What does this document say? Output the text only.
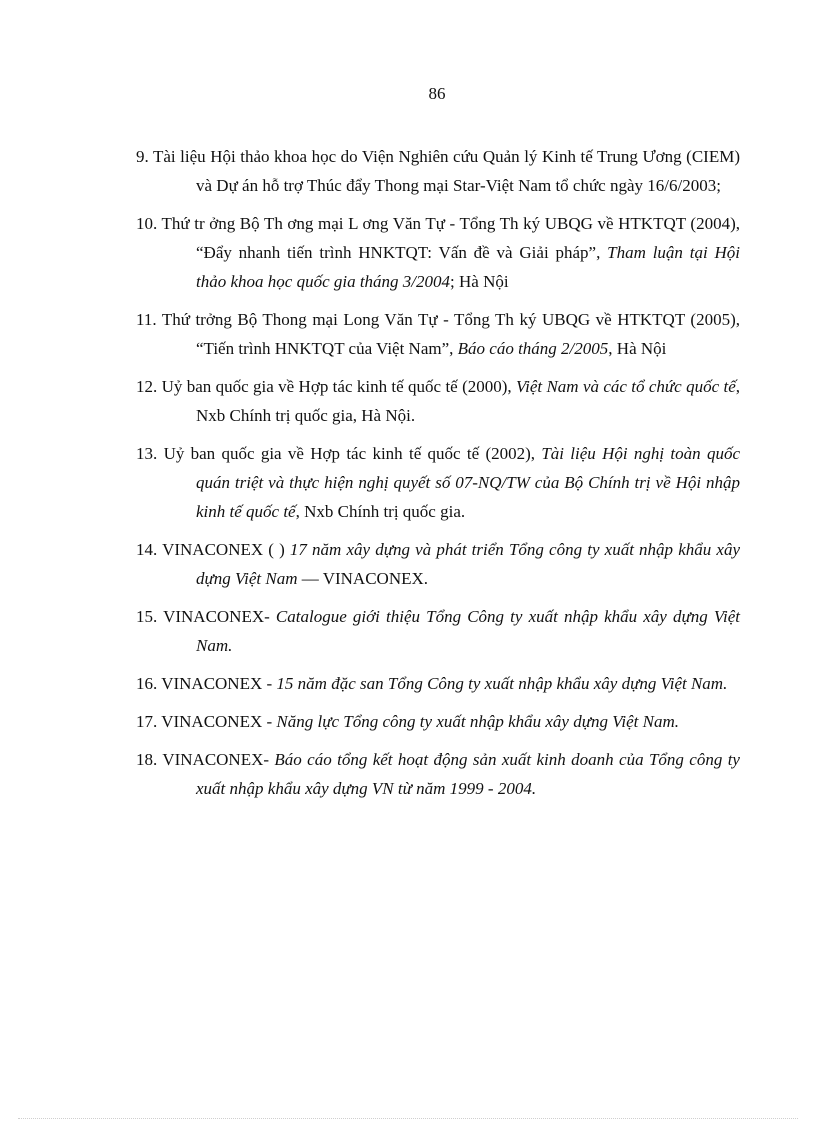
86
9. Tài liệu Hội thảo khoa học do Viện Nghiên cứu Quản lý Kinh tế Trung Ương (CIEM) và Dự án hỗ trợ Thúc đẩy Thong mại Star-Việt Nam tổ chức ngày 16/6/2003;
10. Thứ tr ởng Bộ Th ơng mại L ơng Văn Tự - Tổng Th ký UBQG về HTKTQT (2004), “Đẩy nhanh tiến trình HNKTQT: Vấn đề và Giải pháp”, Tham luận tại Hội thảo khoa học quốc gia tháng 3/2004; Hà Nội
11. Thứ trởng Bộ Thong mại Long Văn Tự - Tổng Th ký UBQG về HTKTQT (2005), “Tiến trình HNKTQT của Việt Nam”, Báo cáo tháng 2/2005, Hà Nội
12. Uỷ ban quốc gia về Hợp tác kinh tế quốc tế (2000), Việt Nam và các tổ chức quốc tế, Nxb Chính trị quốc gia, Hà Nội.
13. Uỷ ban quốc gia về Hợp tác kinh tế quốc tế (2002), Tài liệu Hội nghị toàn quốc quán triệt và thực hiện nghị quyết số 07-NQ/TW của Bộ Chính trị về Hội nhập kinh tế quốc tế, Nxb Chính trị quốc gia.
14. VINACONEX ( ) 17 năm xây dựng và phát triển Tổng công ty xuất nhập khẩu xây dựng Việt Nam — VINACONEX.
15. VINACONEX- Catalogue giới thiệu Tổng Công ty xuất nhập khẩu xây dựng Việt Nam.
16. VINACONEX - 15 năm đặc san Tổng Công ty xuất nhập khẩu xây dựng Việt Nam.
17. VINACONEX - Năng lực Tổng công ty xuất nhập khẩu xây dựng Việt Nam.
18. VINACONEX- Báo cáo tổng kết hoạt động sản xuất kinh doanh của Tổng công ty xuất nhập khẩu xây dựng VN từ năm 1999 - 2004.
